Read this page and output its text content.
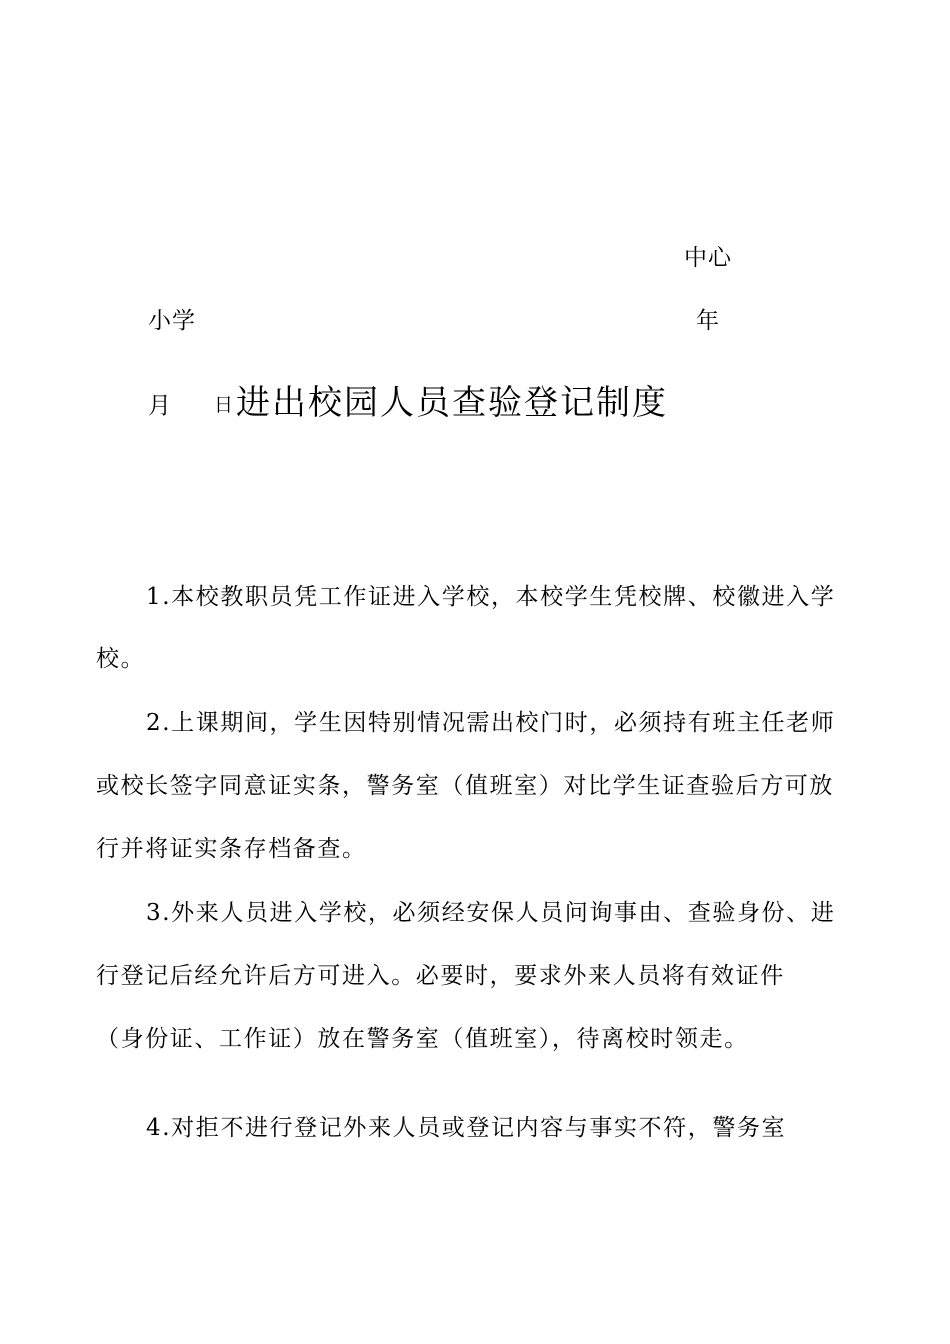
中心
小学	年
月 日 进出校园人员查验登记制度
1.本校教职员凭工作证进入学校，本校学生凭校牌、校徽进入学
校。
2.上课期间，学生因特别情况需出校门时，必须持有班主任老师
或校长签字同意证实条，警务室（值班室）对比学生证查验后方可放
行并将证实条存档备查。
3.外来人员进入学校，必须经安保人员问询事由、查验身份、进
行登记后经允许后方可进入。必要时，要求外来人员将有效证件
（身份证、工作证）放在警务室（值班室），待离校时领走。
4.对拒不进行登记外来人员或登记内容与事实不符，警务室
